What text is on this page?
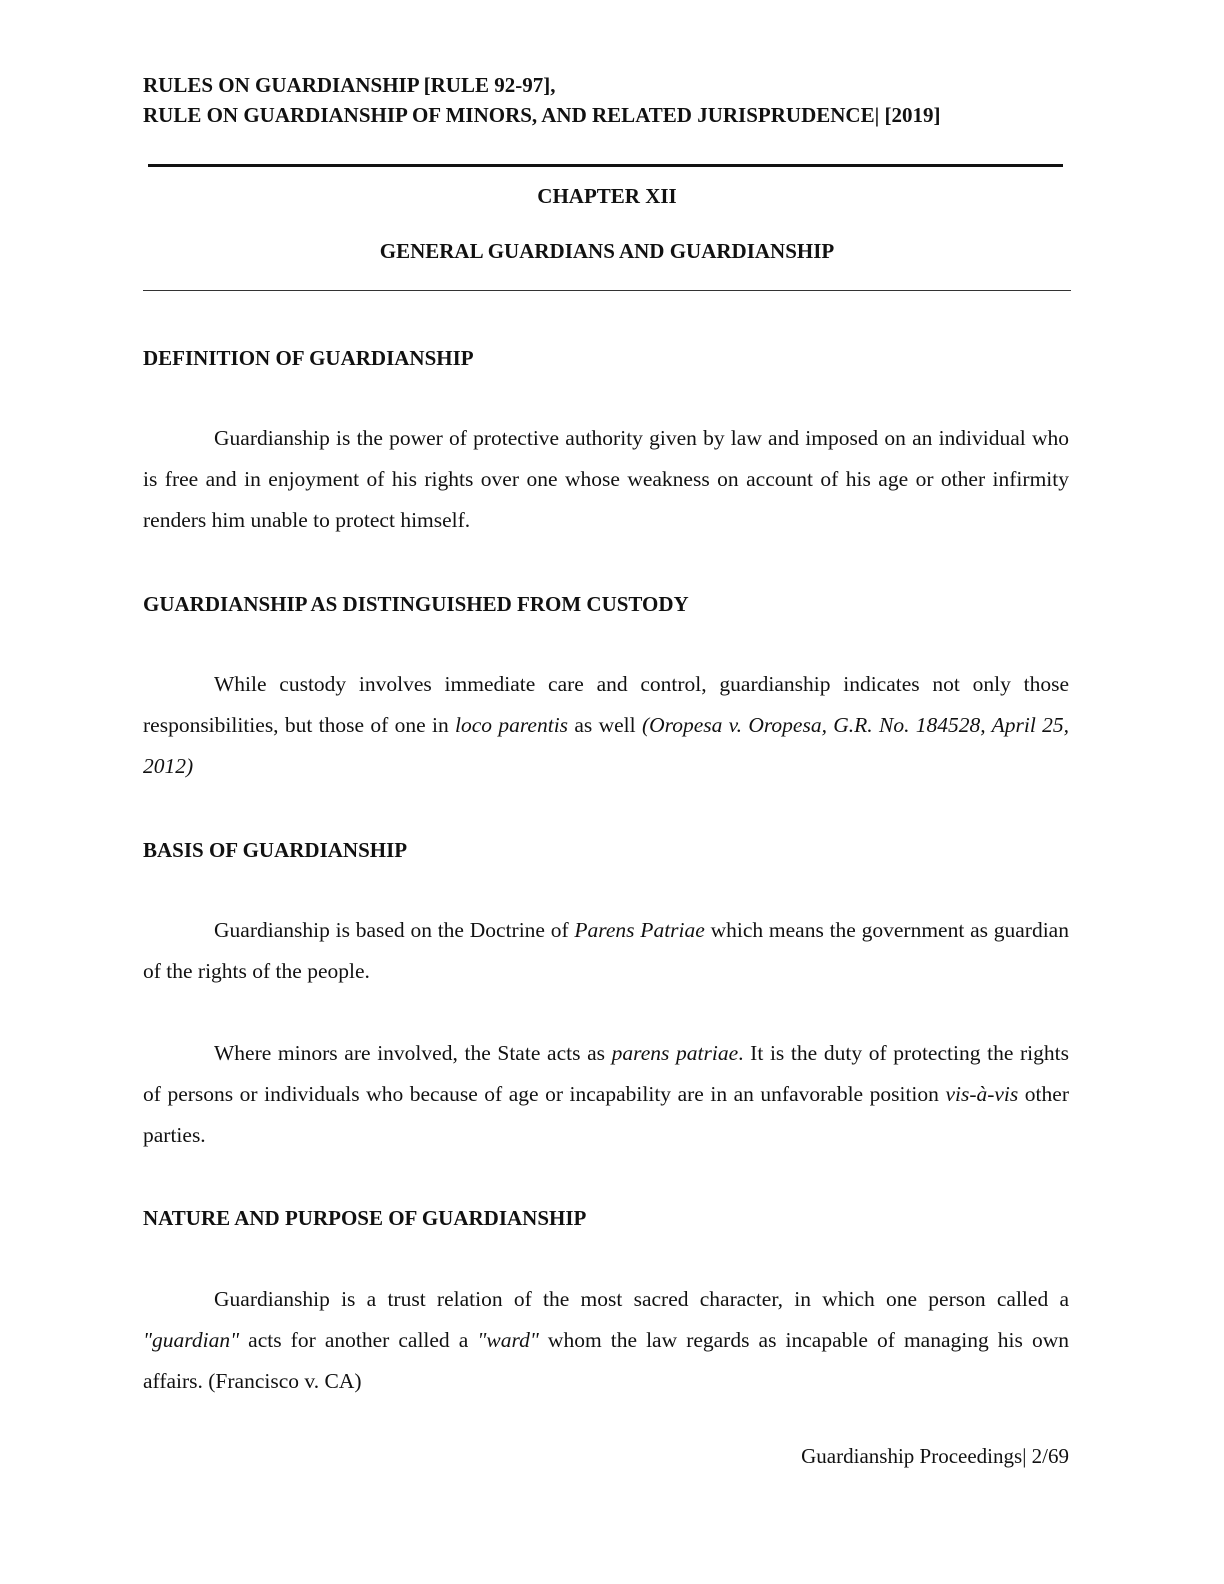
RULES ON GUARDIANSHIP [RULE 92-97],
RULE ON GUARDIANSHIP OF MINORS, AND RELATED JURISPRUDENCE| [2019]
CHAPTER XII
GENERAL GUARDIANS AND GUARDIANSHIP
DEFINITION OF GUARDIANSHIP
Guardianship is the power of protective authority given by law and imposed on an individual who is free and in enjoyment of his rights over one whose weakness on account of his age or other infirmity renders him unable to protect himself.
GUARDIANSHIP AS DISTINGUISHED FROM CUSTODY
While custody involves immediate care and control, guardianship indicates not only those responsibilities, but those of one in loco parentis as well (Oropesa v. Oropesa, G.R. No. 184528, April 25, 2012)
BASIS OF GUARDIANSHIP
Guardianship is based on the Doctrine of Parens Patriae which means the government as guardian of the rights of the people.
Where minors are involved, the State acts as parens patriae. It is the duty of protecting the rights of persons or individuals who because of age or incapability are in an unfavorable position vis-à-vis other parties.
NATURE AND PURPOSE OF GUARDIANSHIP
Guardianship is a trust relation of the most sacred character, in which one person called a "guardian" acts for another called a "ward" whom the law regards as incapable of managing his own affairs. (Francisco v. CA)
Guardianship Proceedings| 2/69
